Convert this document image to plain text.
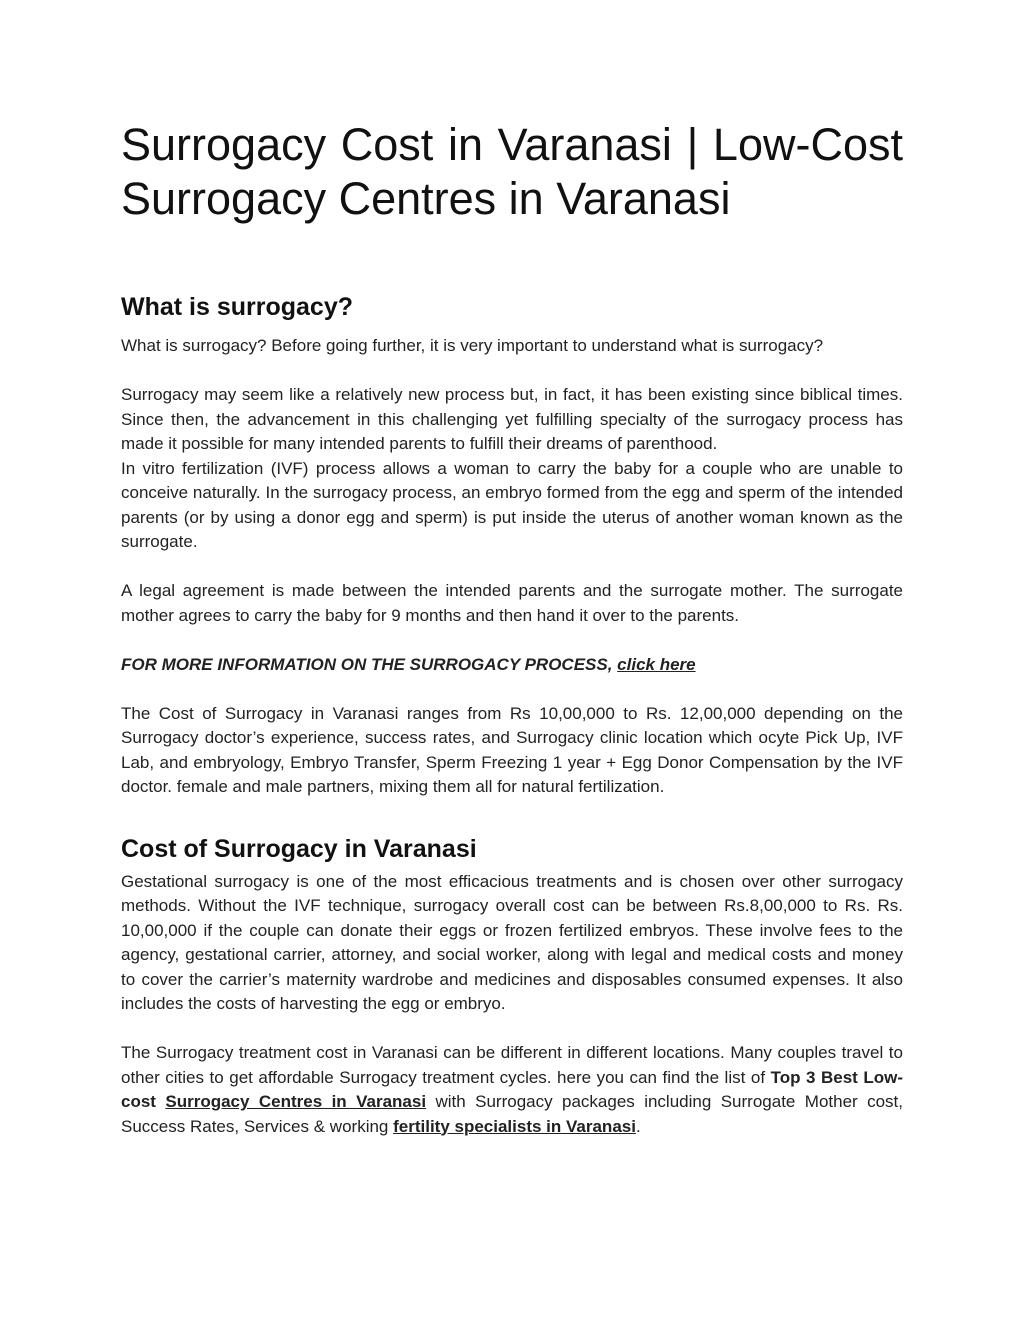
Surrogacy Cost in Varanasi | Low-Cost Surrogacy Centres in Varanasi
What is surrogacy?

What is surrogacy? Before going further, it is very important to understand what is surrogacy?

Surrogacy may seem like a relatively new process but, in fact, it has been existing since biblical times. Since then, the advancement in this challenging yet fulfilling specialty of the surrogacy process has made it possible for many intended parents to fulfill their dreams of parenthood.

In vitro fertilization (IVF) process allows a woman to carry the baby for a couple who are unable to conceive naturally. In the surrogacy process, an embryo formed from the egg and sperm of the intended parents (or by using a donor egg and sperm) is put inside the uterus of another woman known as the surrogate.

A legal agreement is made between the intended parents and the surrogate mother. The surrogate mother agrees to carry the baby for 9 months and then hand it over to the parents.

FOR MORE INFORMATION ON THE SURROGACY PROCESS, click here

The Cost of Surrogacy in Varanasi ranges from Rs 10,00,000 to Rs. 12,00,000 depending on the Surrogacy doctor’s experience, success rates, and Surrogacy clinic location which ocyte Pick Up, IVF Lab, and embryology, Embryo Transfer, Sperm Freezing 1 year + Egg Donor Compensation by the IVF doctor. female and male partners, mixing them all for natural fertilization.

Cost of Surrogacy in Varanasi

Gestational surrogacy is one of the most efficacious treatments and is chosen over other surrogacy methods. Without the IVF technique, surrogacy overall cost can be between Rs.8,00,000 to Rs. Rs. 10,00,000 if the couple can donate their eggs or frozen fertilized embryos. These involve fees to the agency, gestational carrier, attorney, and social worker, along with legal and medical costs and money to cover the carrier’s maternity wardrobe and medicines and disposables consumed expenses. It also includes the costs of harvesting the egg or embryo.

The Surrogacy treatment cost in Varanasi can be different in different locations. Many couples travel to other cities to get affordable Surrogacy treatment cycles. here you can find the list of Top 3 Best Low-cost Surrogacy Centres in Varanasi with Surrogacy packages including Surrogate Mother cost, Success Rates, Services & working fertility specialists in Varanasi.
